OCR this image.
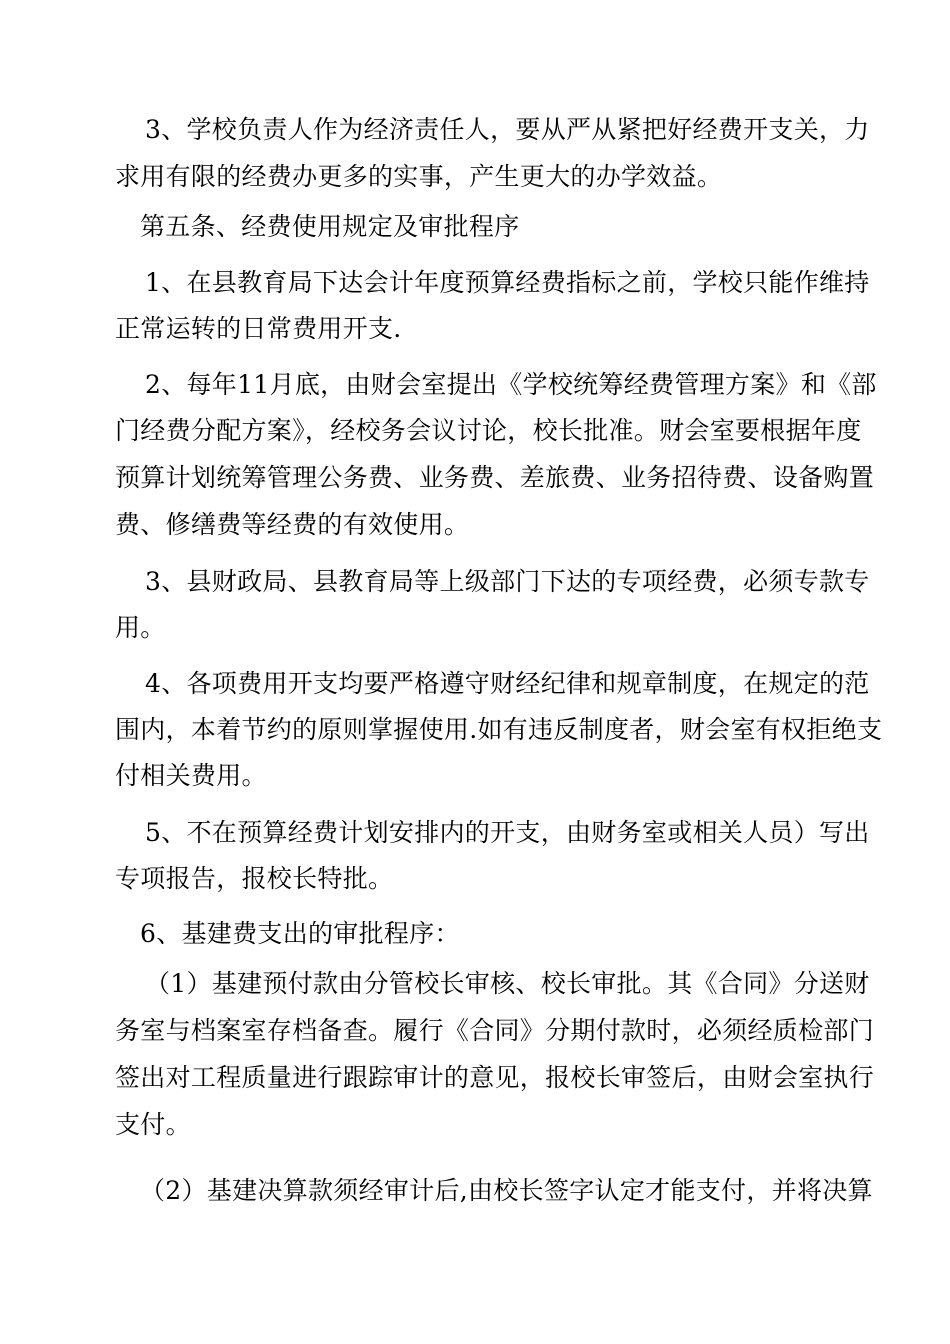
3、学校负责人作为经济责任人，要从严从紧把好经费开支关，力
求用有限的经费办更多的实事，产生更大的办学效益。
第五条、经费使用规定及审批程序
1、在县教育局下达会计年度预算经费指标之前，学校只能作维持
正常运转的日常费用开支.
2、每年11月底，由财会室提出《学校统筹经费管理方案》和《部
门经费分配方案》，经校务会议讨论，校长批准。财会室要根据年度
预算计划统筹管理公务费、业务费、差旅费、业务招待费、设备购置
费、修缮费等经费的有效使用。
3、县财政局、县教育局等上级部门下达的专项经费，必须专款专
用。
4、各项费用开支均要严格遵守财经纪律和规章制度，在规定的范
围内，本着节约的原则掌握使用.如有违反制度者，财会室有权拒绝支
付相关费用。
5、不在预算经费计划安排内的开支，由财务室或相关人员）写出
专项报告，报校长特批。
6、基建费支出的审批程序：
（1）基建预付款由分管校长审核、校长审批。其《合同》分送财
务室与档案室存档备查。履行《合同》分期付款时，必须经质检部门
签出对工程质量进行跟踪审计的意见，报校长审签后，由财会室执行
支付。
（2）基建决算款须经审计后,由校长签字认定才能支付，并将决算
